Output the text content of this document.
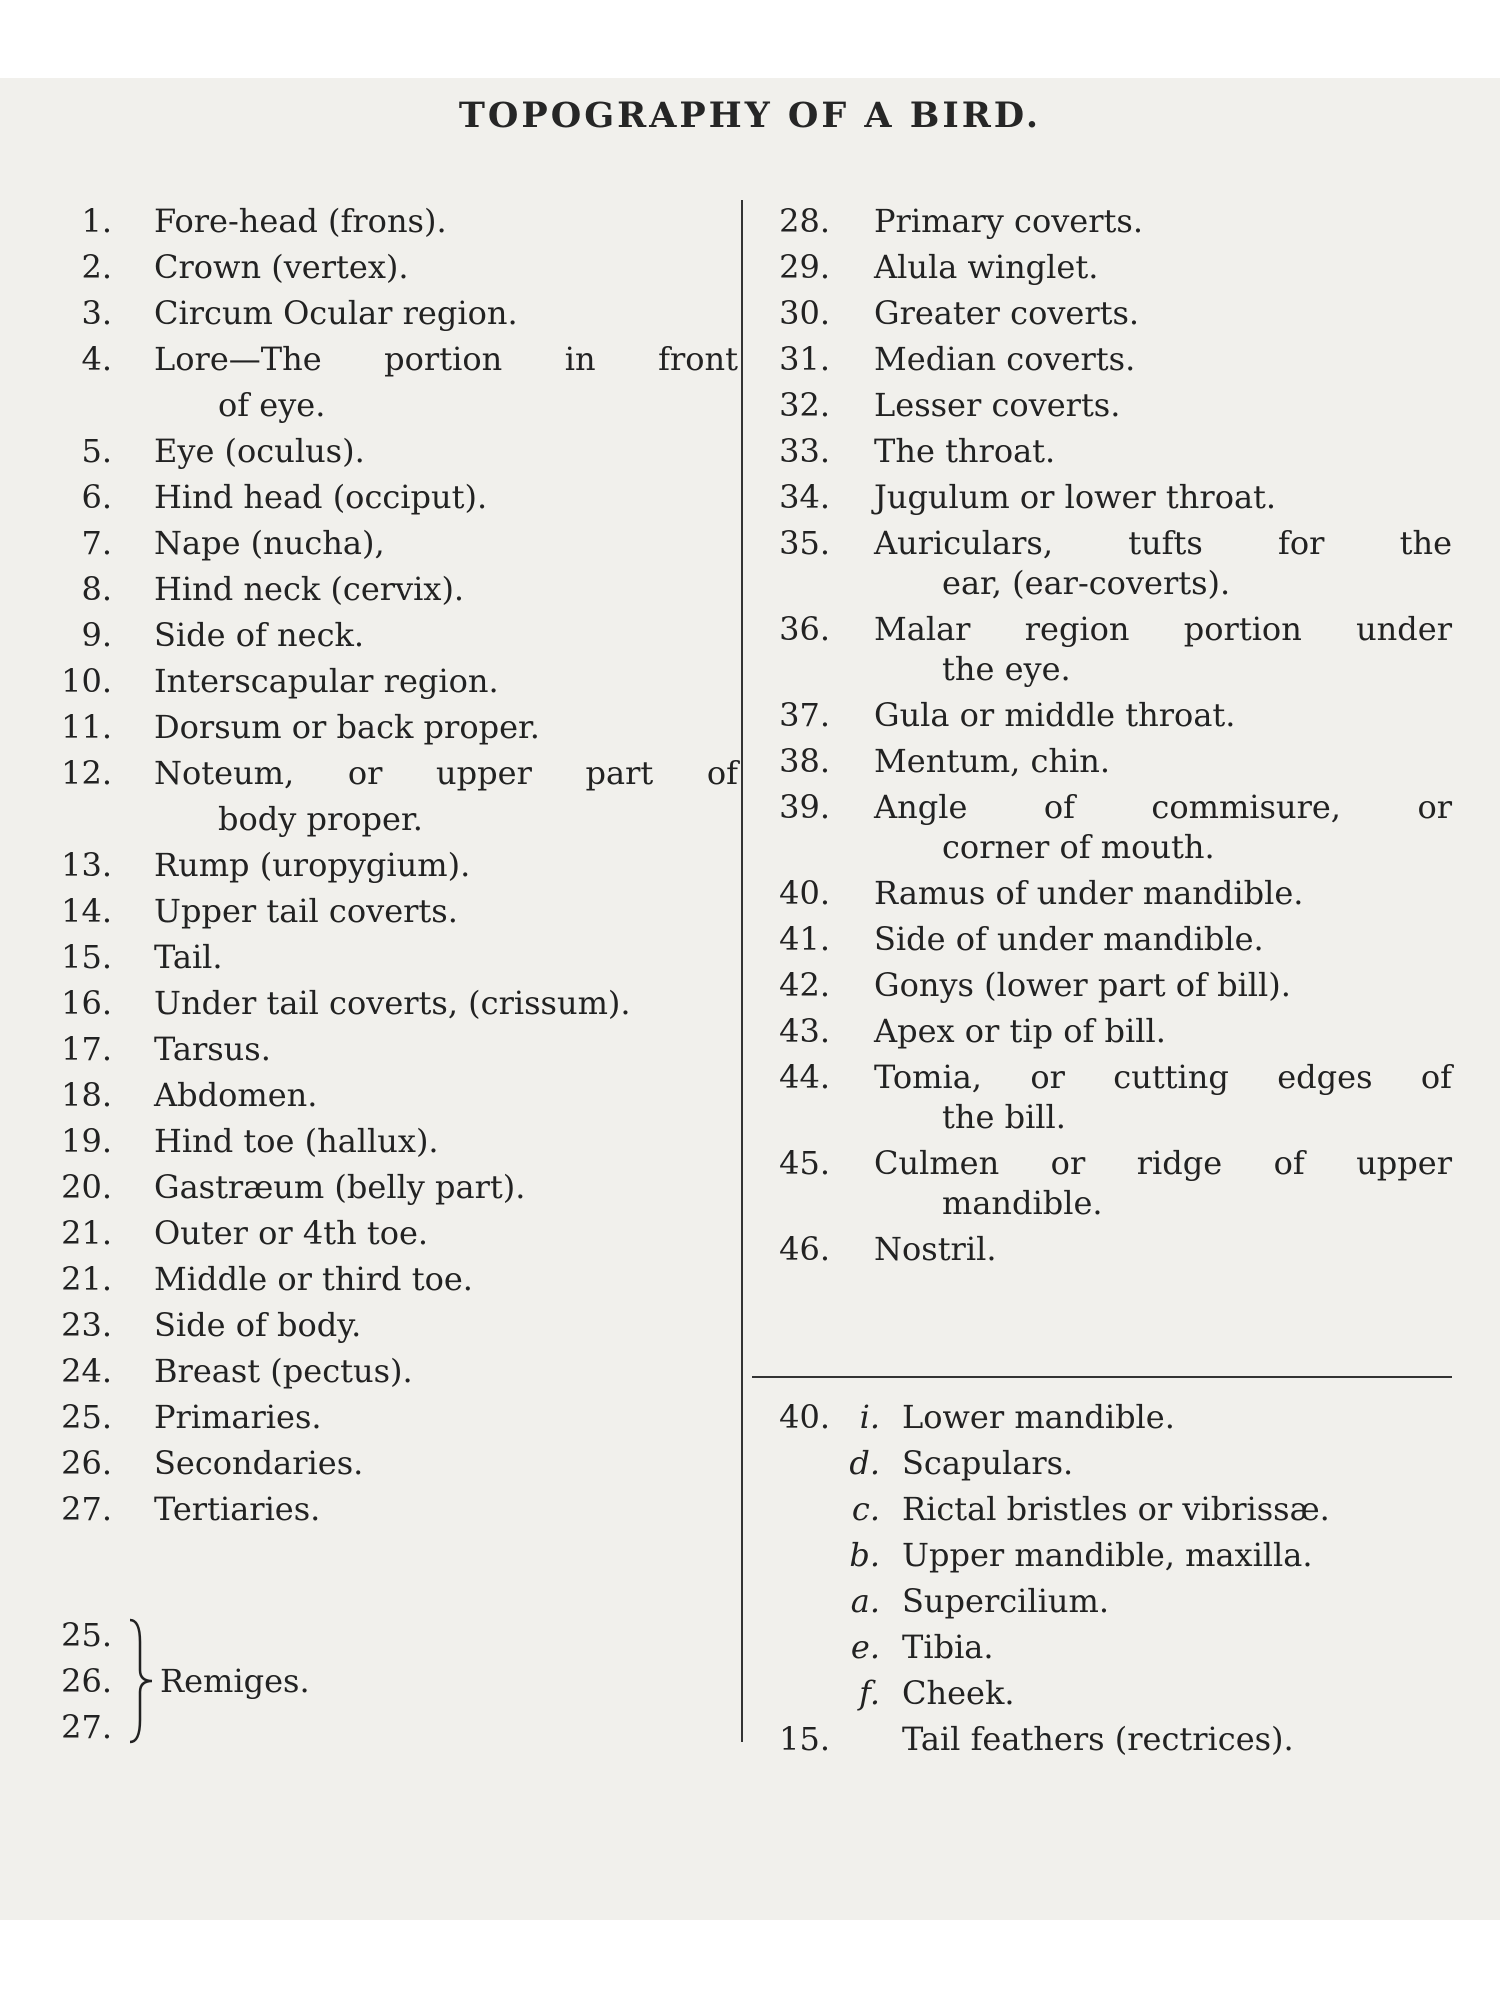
TOPOGRAPHY OF A BIRD.
1.	Fore-head (frons).
2.	Crown (vertex).
3.	Circum Ocular region.
4.	Lore—The portion in front
of eye.
5.	Eye (oculus).
6.	Hind head (occiput).
7.	Nape (nucha),
8.	Hind neck (cervix).
9.	Side of neck.
10.	Interscapular region.
11.	Dorsum or back proper.
12.	Noteum, or upper part of
body proper.
13.	Rump (uropygium).
14.	Upper tail coverts.
15.	Tail.
16.	Under tail coverts, (crissum).
17.	Tarsus.
18.	Abdomen.
19.	Hind toe (hallux).
20.	Gastræum (belly part).
21.	Outer or 4th toe.
21.	Middle or third toe.
23.	Side of body.
24.	Breast (pectus).
25.	Primaries.
26.	Secondaries.
27.	Tertiaries.
28.	Primary coverts.
29.	Alula winglet.
30.	Greater coverts.
31.	Median coverts.
32.	Lesser coverts.
33.	The throat.
34.	Jugulum or lower throat.
35.	Auriculars, tufts for the
ear, (ear-coverts).
36.	Malar region portion under
the eye.
37.	Gula or middle throat.
38.	Mentum, chin.
39.	Angle of commisure, or
corner of mouth.
40.	Ramus of under mandible.
41.	Side of under mandible.
42.	Gonys (lower part of bill).
43.	Apex or tip of bill.
44.	Tomia, or cutting edges of
the bill.
45.	Culmen or ridge of upper
mandible.
46.	Nostril.
25.
26.
27.
Remiges.
40. i. Lower mandible.
d. Scapulars.
c. Rictal bristles or vibrissæ.
b. Upper mandible, maxilla.
a. Supercilium.
e. Tibia.
f. Cheek.
15.	Tail feathers (rectrices).
